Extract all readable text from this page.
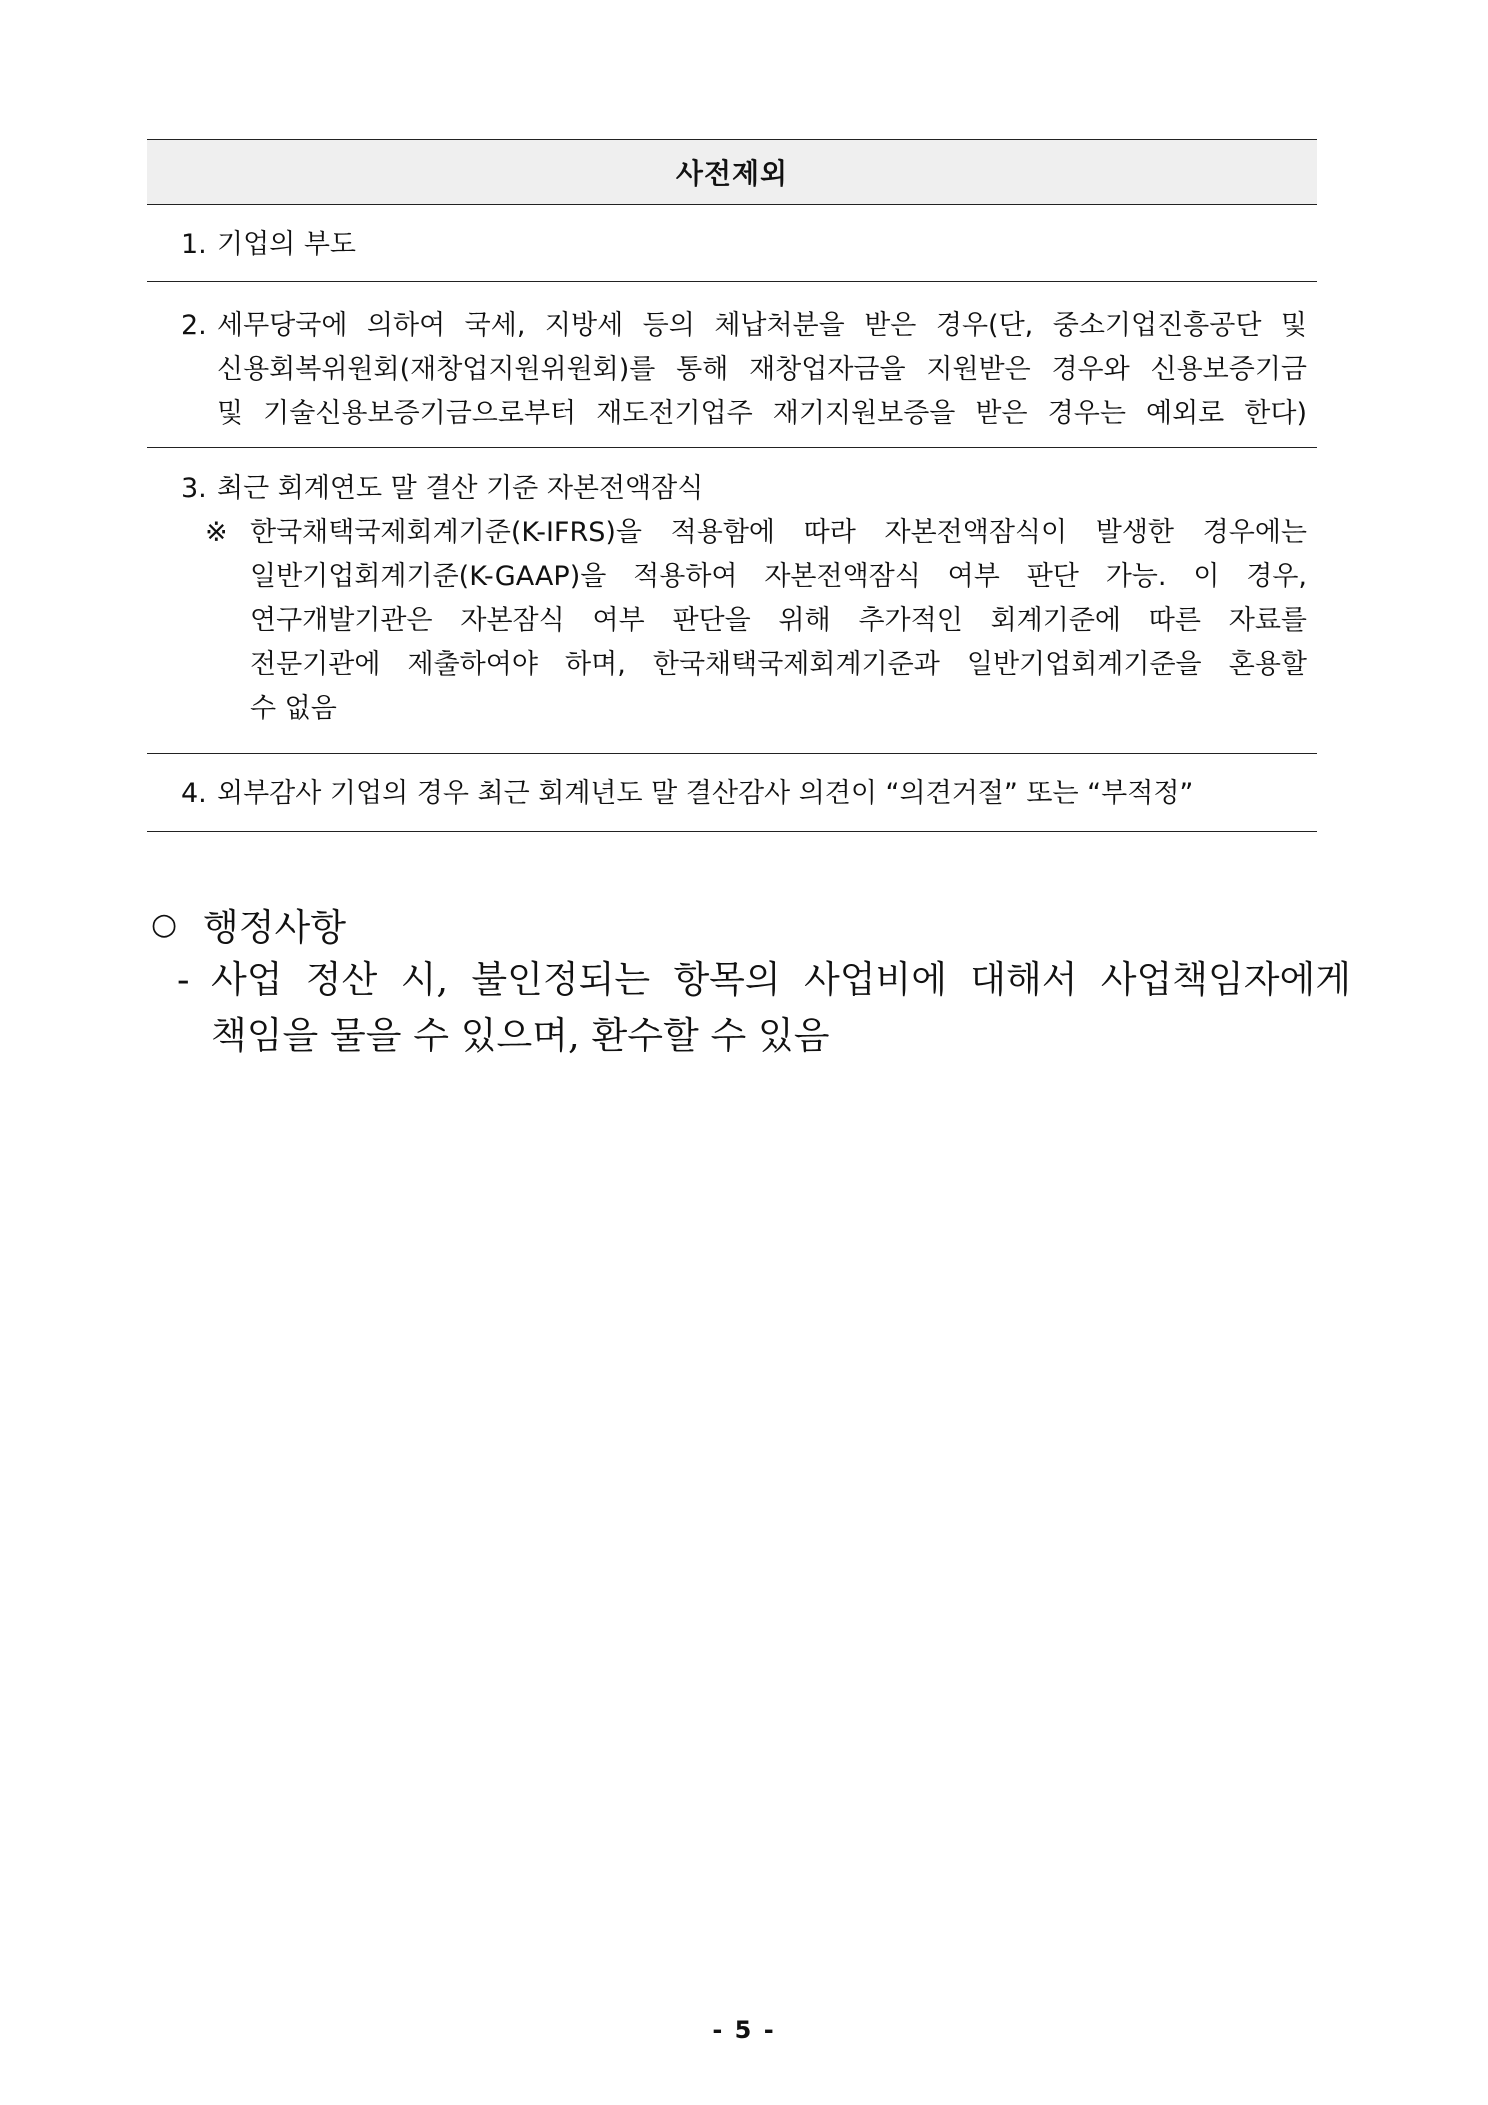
사전제외
1. 기업의 부도
2. 세무당국에 의하여 국세, 지방세 등의 체납처분을 받은 경우(단, 중소기업진흥공단 및
신용회복위원회(재창업지원위원회)를 통해 재창업자금을 지원받은 경우와 신용보증기금
및 기술신용보증기금으로부터 재도전기업주 재기지원보증을 받은 경우는 예외로 한다)
3. 최근 회계연도 말 결산 기준 자본전액잠식
※ 한국채택국제회계기준(K-IFRS)을 적용함에 따라 자본전액잠식이 발생한 경우에는
일반기업회계기준(K-GAAP)을 적용하여 자본전액잠식 여부 판단 가능. 이 경우,
연구개발기관은 자본잠식 여부 판단을 위해 추가적인 회계기준에 따른 자료를
전문기관에 제출하여야 하며, 한국채택국제회계기준과 일반기업회계기준을 혼용할
수 없음
4. 외부감사 기업의 경우 최근 회계년도 말 결산감사 의견이 “의견거절” 또는 “부적정”
○ 행정사항
- 사업 정산 시, 불인정되는 항목의 사업비에 대해서 사업책임자에게
책임을 물을 수 있으며, 환수할 수 있음
- 5 -
